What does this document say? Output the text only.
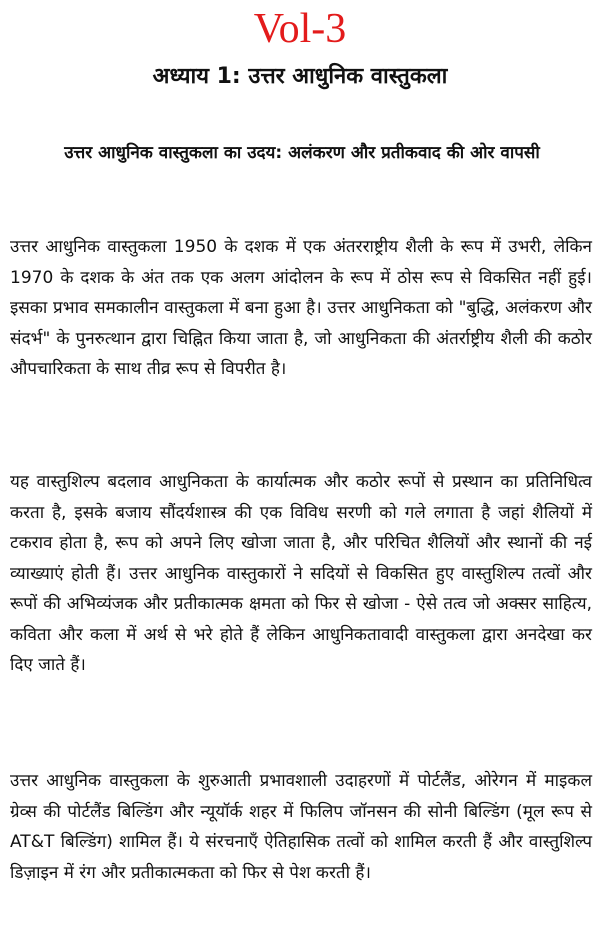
Vol-3
अध्याय 1: उत्तर आधुनिक वास्तुकला
उत्तर आधुनिक वास्तुकला का उदय: अलंकरण और प्रतीकवाद की ओर वापसी

उत्तर आधुनिक वास्तुकला 1950 के दशक में एक अंतरराष्ट्रीय शैली के रूप में उभरी, लेकिन 1970 के दशक के अंत तक एक अलग आंदोलन के रूप में ठोस रूप से विकसित नहीं हुई। इसका प्रभाव समकालीन वास्तुकला में बना हुआ है। उत्तर आधुनिकता को "बुद्धि, अलंकरण और संदर्भ" के पुनरुत्थान द्वारा चिह्नित किया जाता है, जो आधुनिकता की अंतर्राष्ट्रीय शैली की कठोर औपचारिकता के साथ तीव्र रूप से विपरीत है।

यह वास्तुशिल्प बदलाव आधुनिकता के कार्यात्मक और कठोर रूपों से प्रस्थान का प्रतिनिधित्व करता है, इसके बजाय सौंदर्यशास्त्र की एक विविध सरणी को गले लगाता है जहां शैलियों में टकराव होता है, रूप को अपने लिए खोजा जाता है, और परिचित शैलियों और स्थानों की नई व्याख्याएं होती हैं। उत्तर आधुनिक वास्तुकारों ने सदियों से विकसित हुए वास्तुशिल्प तत्वों और रूपों की अभिव्यंजक और प्रतीकात्मक क्षमता को फिर से खोजा - ऐसे तत्व जो अक्सर साहित्य, कविता और कला में अर्थ से भरे होते हैं लेकिन आधुनिकतावादी वास्तुकला द्वारा अनदेखा कर दिए जाते हैं।

उत्तर आधुनिक वास्तुकला के शुरुआती प्रभावशाली उदाहरणों में पोर्टलैंड, ओरेगन में माइकल ग्रेव्स की पोर्टलैंड बिल्डिंग और न्यूयॉर्क शहर में फिलिप जॉनसन की सोनी बिल्डिंग (मूल रूप से AT&T बिल्डिंग) शामिल हैं। ये संरचनाएँ ऐतिहासिक तत्वों को शामिल करती हैं और वास्तुशिल्प डिज़ाइन में रंग और प्रतीकात्मकता को फिर से पेश करती हैं।
